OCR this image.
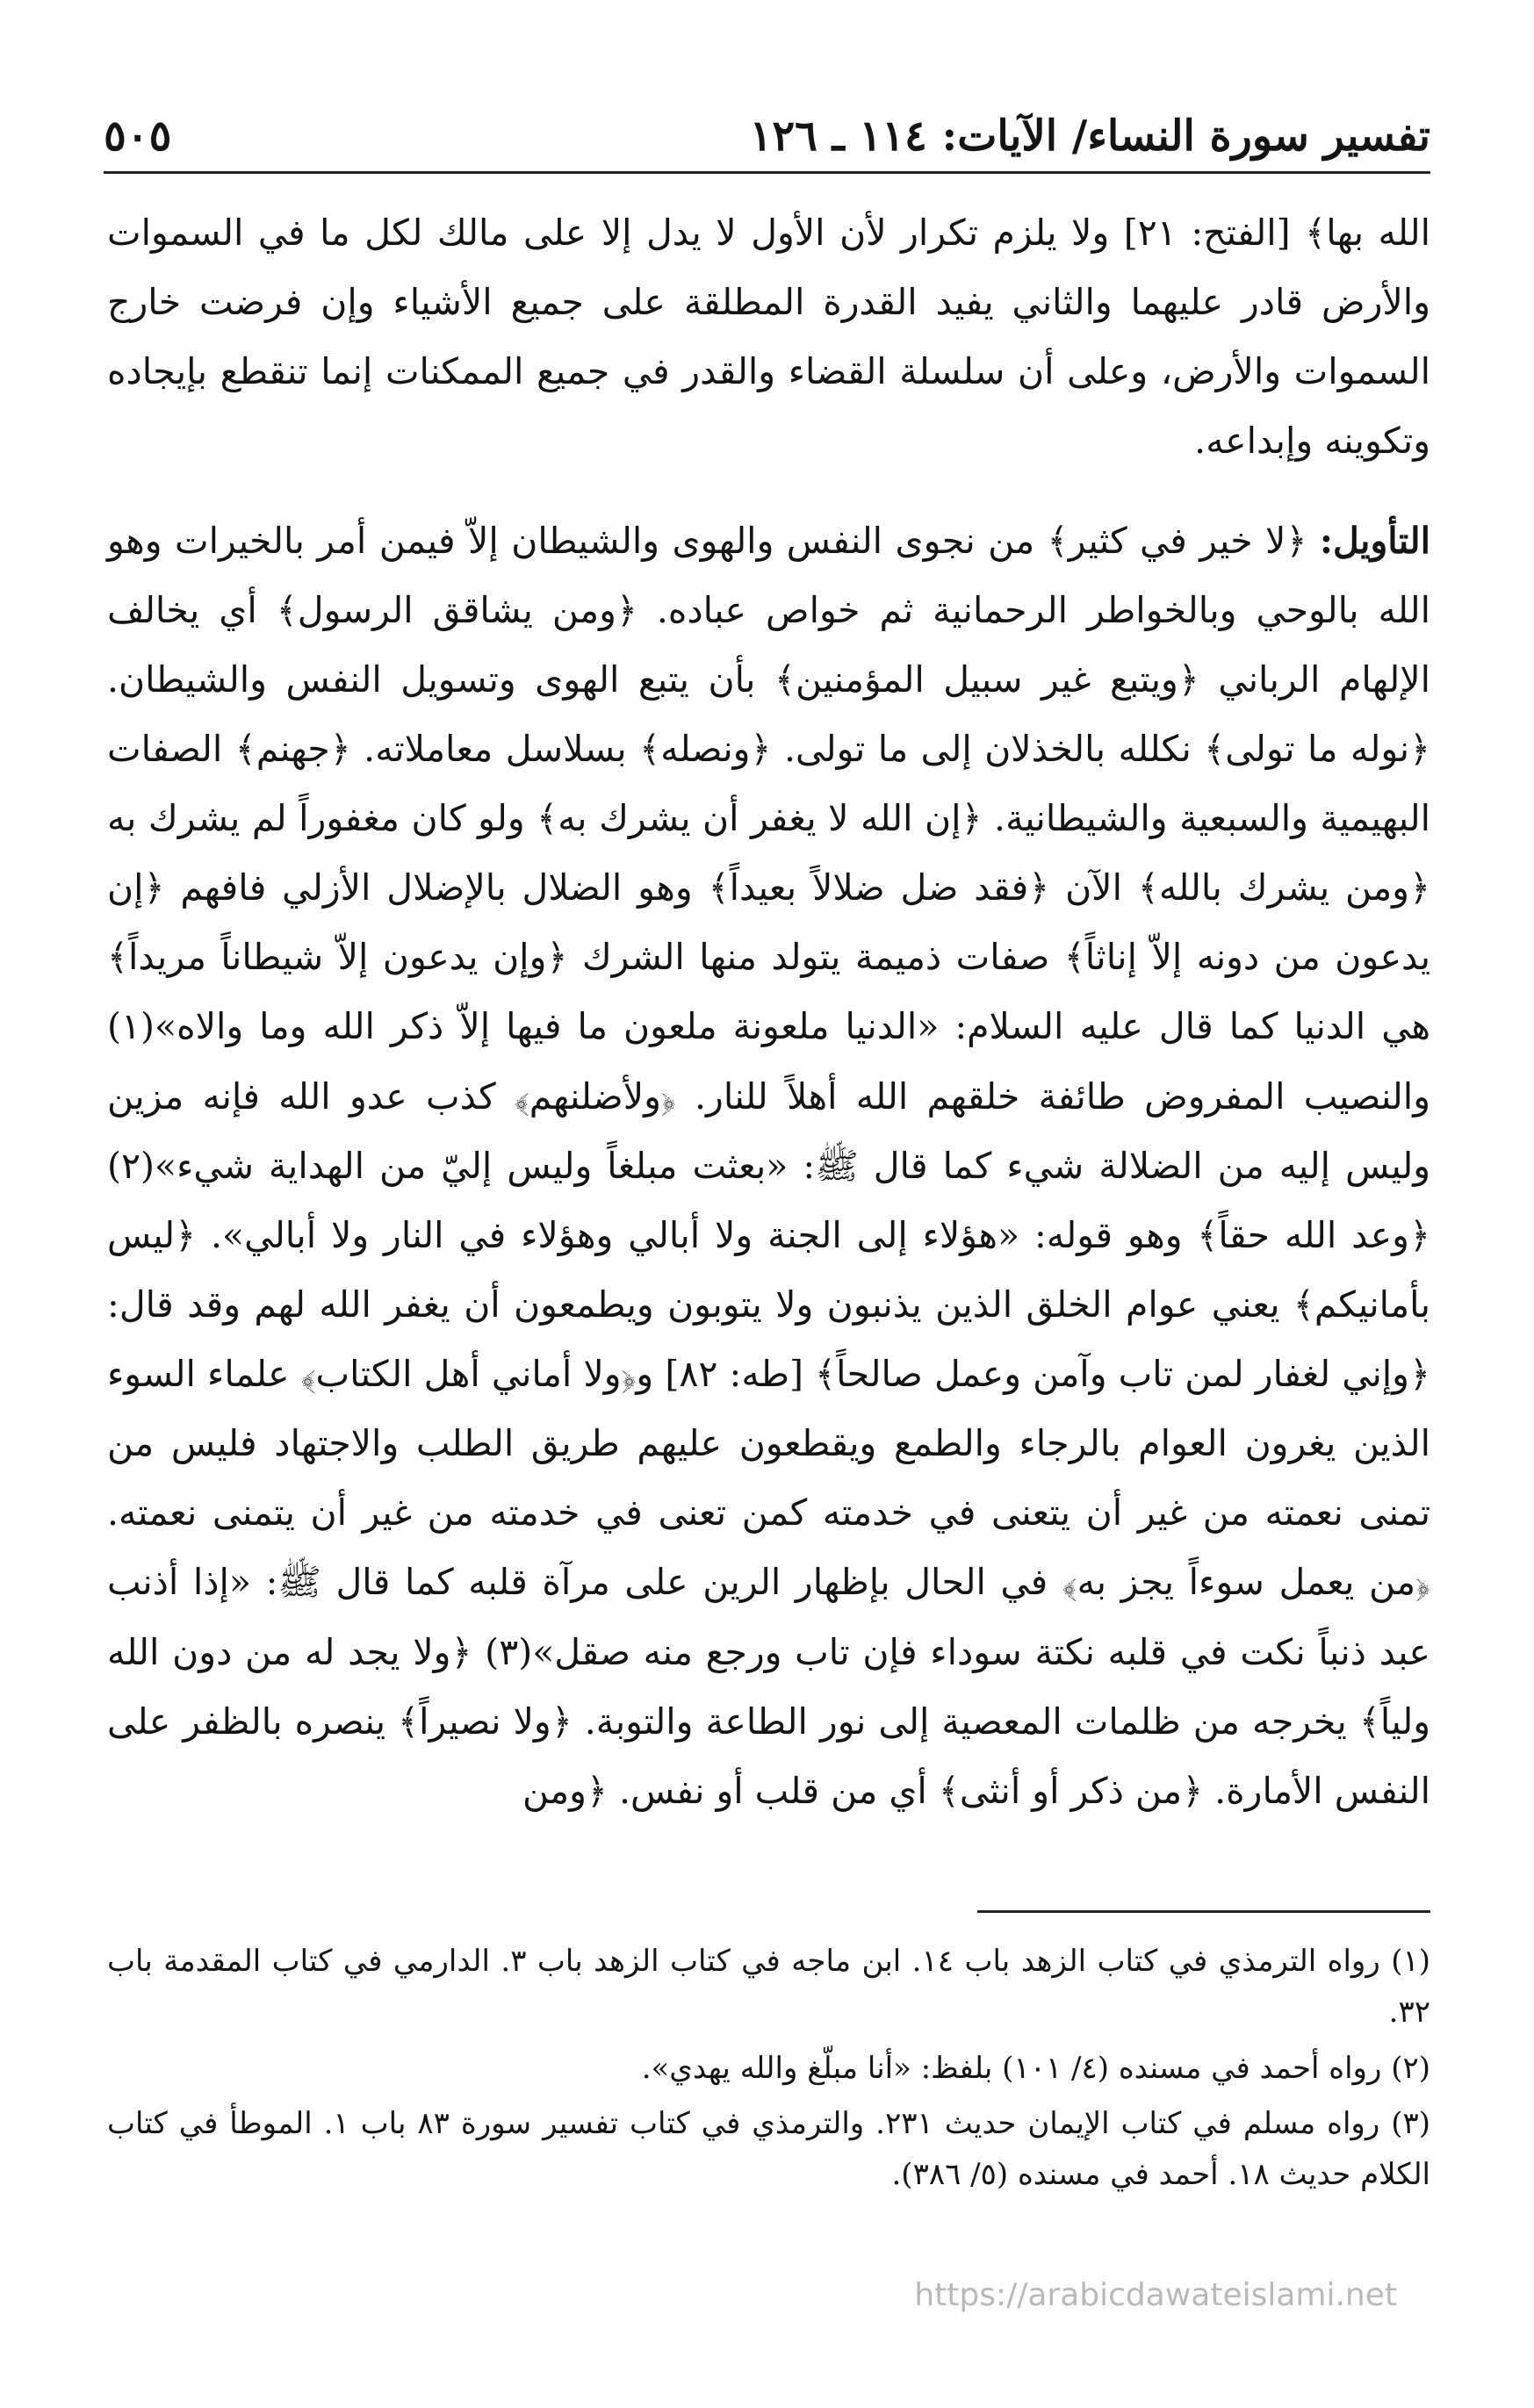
تفسير سورة النساء/ الآيات: ١١٤ ـ ١٢٦
٥٠٥

الله بها﴾ [الفتح: ٢١] ولا يلزم تكرار لأن الأول لا يدل إلا على مالك لكل ما في السموات والأرض قادر عليهما والثاني يفيد القدرة المطلقة على جميع الأشياء وإن فرضت خارج السموات والأرض، وعلى أن سلسلة القضاء والقدر في جميع الممكنات إنما تنقطع بإيجاده وتكوينه وإبداعه.

التأويل: ﴿لا خير في كثير﴾ من نجوى النفس والهوى والشيطان إلاّ فيمن أمر بالخيرات وهو الله بالوحي وبالخواطر الرحمانية ثم خواص عباده. ﴿ومن يشاقق الرسول﴾ أي يخالف الإلهام الرباني ﴿ويتبع غير سبيل المؤمنين﴾ بأن يتبع الهوى وتسويل النفس والشيطان. ﴿نوله ما تولى﴾ نكلله بالخذلان إلى ما تولى. ﴿ونصله﴾ بسلاسل معاملاته. ﴿جهنم﴾ الصفات البهيمية والسبعية والشيطانية. ﴿إن الله لا يغفر أن يشرك به﴾ ولو كان مغفوراً لم يشرك به ﴿ومن يشرك بالله﴾ الآن ﴿فقد ضل ضلالاً بعيداً﴾ وهو الضلال بالإضلال الأزلي فافهم ﴿إن يدعون من دونه إلاّ إناثاً﴾ صفات ذميمة يتولد منها الشرك ﴿وإن يدعون إلاّ شيطاناً مريداً﴾ هي الدنيا كما قال عليه السلام: «الدنيا ملعونة ملعون ما فيها إلاّ ذكر الله وما والاه»(١) والنصيب المفروض طائفة خلقهم الله أهلاً للنار. ﴿ولأضلنهم﴾ كذب عدو الله فإنه مزين وليس إليه من الضلالة شيء كما قال ﷺ: «بعثت مبلغاً وليس إليّ من الهداية شيء»(٢) ﴿وعد الله حقاً﴾ وهو قوله: «هؤلاء إلى الجنة ولا أبالي وهؤلاء في النار ولا أبالي». ﴿ليس بأمانيكم﴾ يعني عوام الخلق الذين يذنبون ولا يتوبون ويطمعون أن يغفر الله لهم وقد قال: ﴿وإني لغفار لمن تاب وآمن وعمل صالحاً﴾ [طه: ٨٢] و﴿ولا أماني أهل الكتاب﴾ علماء السوء الذين يغرون العوام بالرجاء والطمع ويقطعون عليهم طريق الطلب والاجتهاد فليس من تمنى نعمته من غير أن يتعنى في خدمته كمن تعنى في خدمته من غير أن يتمنى نعمته. ﴿من يعمل سوءاً يجز به﴾ في الحال بإظهار الرين على مرآة قلبه كما قال ﷺ: «إذا أذنب عبد ذنباً نكت في قلبه نكتة سوداء فإن تاب ورجع منه صقل»(٣) ﴿ولا يجد له من دون الله ولياً﴾ يخرجه من ظلمات المعصية إلى نور الطاعة والتوبة. ﴿ولا نصيراً﴾ ينصره بالظفر على النفس الأمارة. ﴿من ذكر أو أنثى﴾ أي من قلب أو نفس. ﴿ومن

(١) رواه الترمذي في كتاب الزهد باب ١٤. ابن ماجه في كتاب الزهد باب ٣. الدارمي في كتاب المقدمة باب ٣٢.

(٢) رواه أحمد في مسنده (٤/ ١٠١) بلفظ: «أنا مبلّغ والله يهدي».

(٣) رواه مسلم في كتاب الإيمان حديث ٢٣١. والترمذي في كتاب تفسير سورة ٨٣ باب ١. الموطأ في كتاب الكلام حديث ١٨. أحمد في مسنده (٥/ ٣٨٦).

https://arabicdawateislami.net
